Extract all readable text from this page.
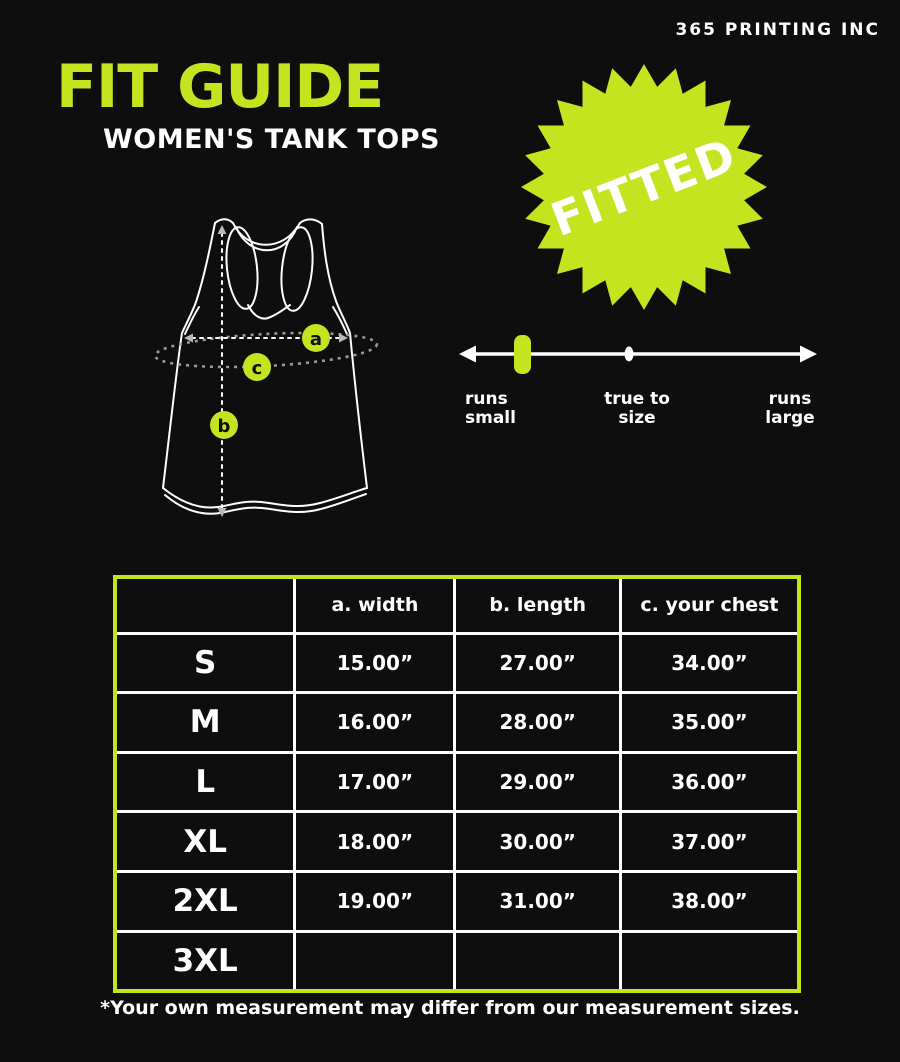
365 PRINTING INC
FIT GUIDE
WOMEN'S TANK TOPS
a
c
b
FITTED
runs
small
true to
size
runs
large
	a. width	b. length	c. your chest
S	15.00”	27.00”	34.00”
M	16.00”	28.00”	35.00”
L	17.00”	29.00”	36.00”
XL	18.00”	30.00”	37.00”
2XL	19.00”	31.00”	38.00”
3XL			
*Your own measurement may differ from our measurement sizes.
